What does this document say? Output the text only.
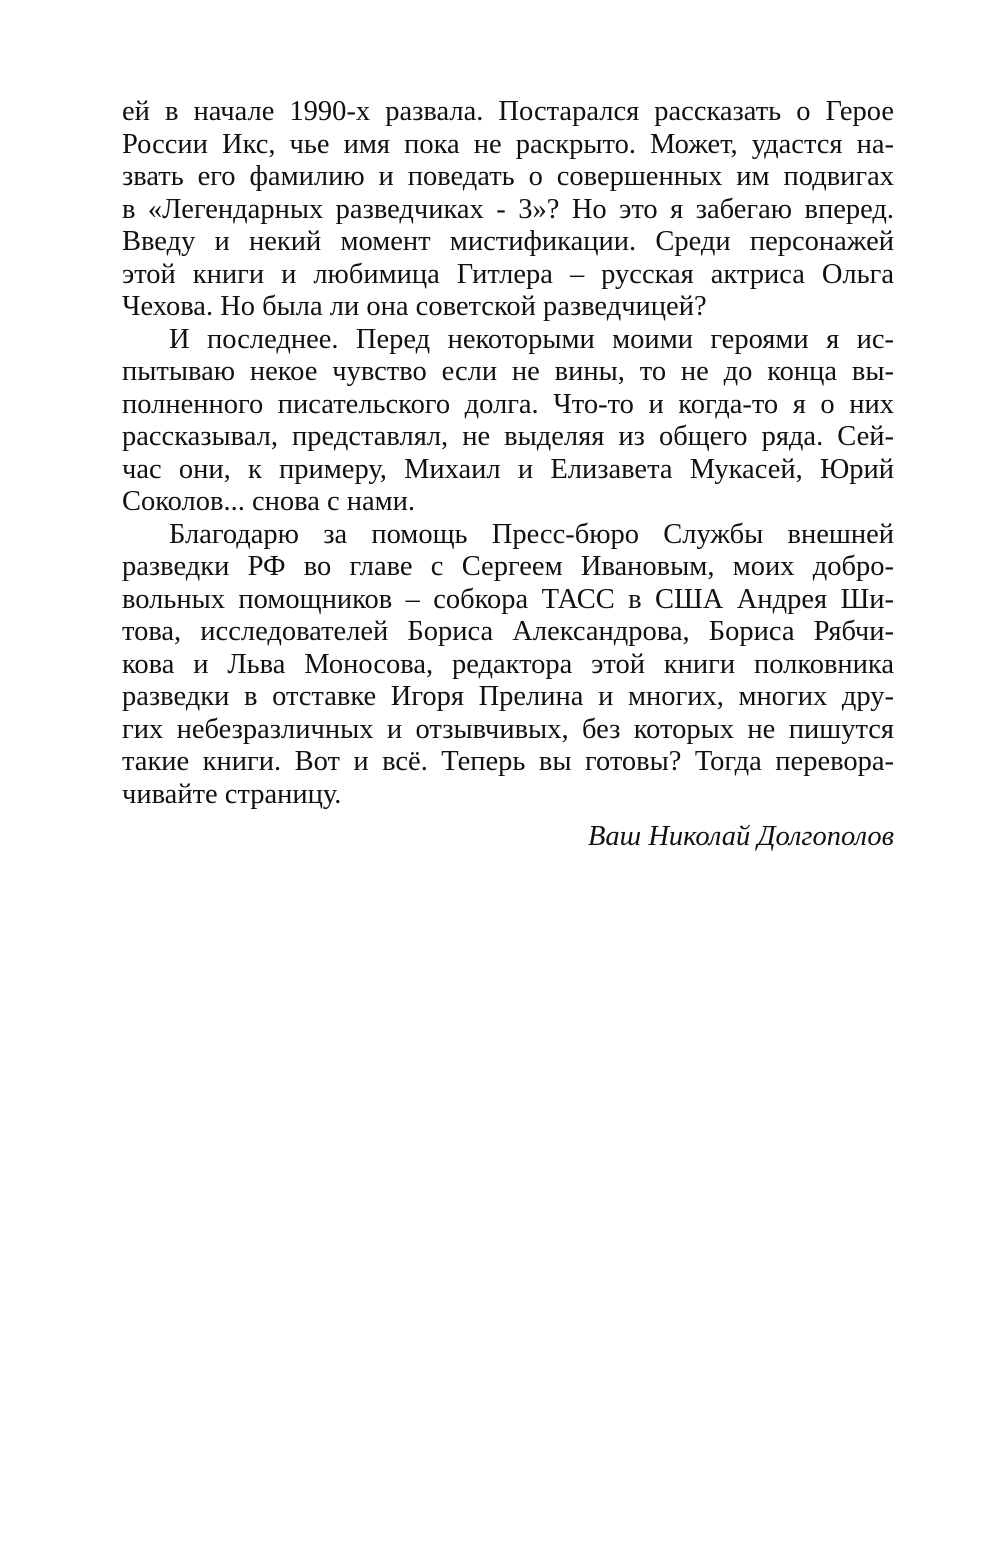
ей в начале 1990-х развала. Постарался рассказать о Герое
России Икс, чье имя пока не раскрыто. Может, удастся на-
звать его фамилию и поведать о совершенных им подвигах
в «Легендарных разведчиках - 3»? Но это я забегаю вперед.
Введу и некий момент мистификации. Среди персонажей
этой книги и любимица Гитлера – русская актриса Ольга
Чехова. Но была ли она советской разведчицей?
И последнее. Перед некоторыми моими героями я ис-
пытываю некое чувство если не вины, то не до конца вы-
полненного писательского долга. Что-то и когда-то я о них
рассказывал, представлял, не выделяя из общего ряда. Сей-
час они, к примеру, Михаил и Елизавета Мукасей, Юрий
Соколов... снова с нами.
Благодарю за помощь Пресс-бюро Службы внешней
разведки РФ во главе с Сергеем Ивановым, моих добро-
вольных помощников – собкора ТАСС в США Андрея Ши-
това, исследователей Бориса Александрова, Бориса Рябчи-
кова и Льва Моносова, редактора этой книги полковника
разведки в отставке Игоря Прелина и многих, многих дру-
гих небезразличных и отзывчивых, без которых не пишутся
такие книги. Вот и всё. Теперь вы готовы? Тогда перевора-
чивайте страницу.
Ваш Николай Долгополов
